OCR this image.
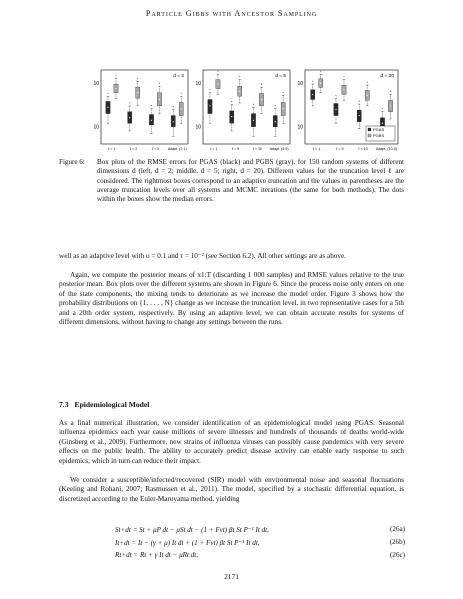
Particle Gibbs with Ancestor Sampling
10
10
d = 2
ℓ = 1	ℓ = 2	ℓ = 3 Adapt. (2.1)
10
10
d = 5
ℓ = 1	ℓ = 5	ℓ = 10 Adapt. (5.9)
10
10
d = 20
ℓ = 1	ℓ = 5	ℓ = 10 Adapt. (10.9)
PGAS
PGBS
Figure 6:	Box plots of the RMSE errors for PGAS (black) and PGBS (gray), for 150 random systems of different dimensions d (left, d = 2; middle, d = 5; right, d = 20). Different values for the truncation level ℓ are considered. The rightmost boxes correspond to an adaptive truncation and the values in parentheses are the average truncation levels over all systems and MCMC iterations (the same for both methods). The dots within the boxes show the median errors.
well as an adaptive level with υ = 0.1 and τ = 10⁻² (see Section 6.2). All other settings are as above.
Again, we compute the posterior means of x1:T (discarding 1 000 samples) and RMSE values relative to the true posterior mean. Box plots over the different systems are shown in Figure 6. Since the process noise only enters on one of the state components, the mixing tends to deteriorate as we increase the model order. Figure 3 shows how the probability distributions on {1, . . . , N} change as we increase the truncation level, in two representative cases for a 5th and a 20th order system, respectively. By using an adaptive level, we can obtain accurate results for systems of different dimensions, without having to change any settings between the runs.
7.3 Epidemiological Model
As a final numerical illustration, we consider identification of an epidemiological model using PGAS. Seasonal influenza epidemics each year cause millions of severe illnesses and hundreds of thousands of deaths world-wide (Ginsberg et al., 2009). Furthermore, new strains of influenza viruses can possibly cause pandemics with very severe effects on the public health. The ability to accurately predict disease activity can enable early response to such epidemics, which in turn can reduce their impact.
We consider a susceptible/infected/recovered (SIR) model with environmental noise and seasonal fluctuations (Keeling and Rohani, 2007; Rasmussen et al., 2011). The model, specified by a stochastic differential equation, is discretized according to the Euler-Maruyama method, yielding
St+dt = St + μP dt − μSt dt − (1 + Fvt) βt St P⁻¹ It dt,	(26a)
It+dt = It − (γ + μ) It dt + (1 + Fvt) βt St P⁻¹ It dt,	(26b)
Rt+dt = Rt + γ It dt − μRt dt,	(26c)
2171
